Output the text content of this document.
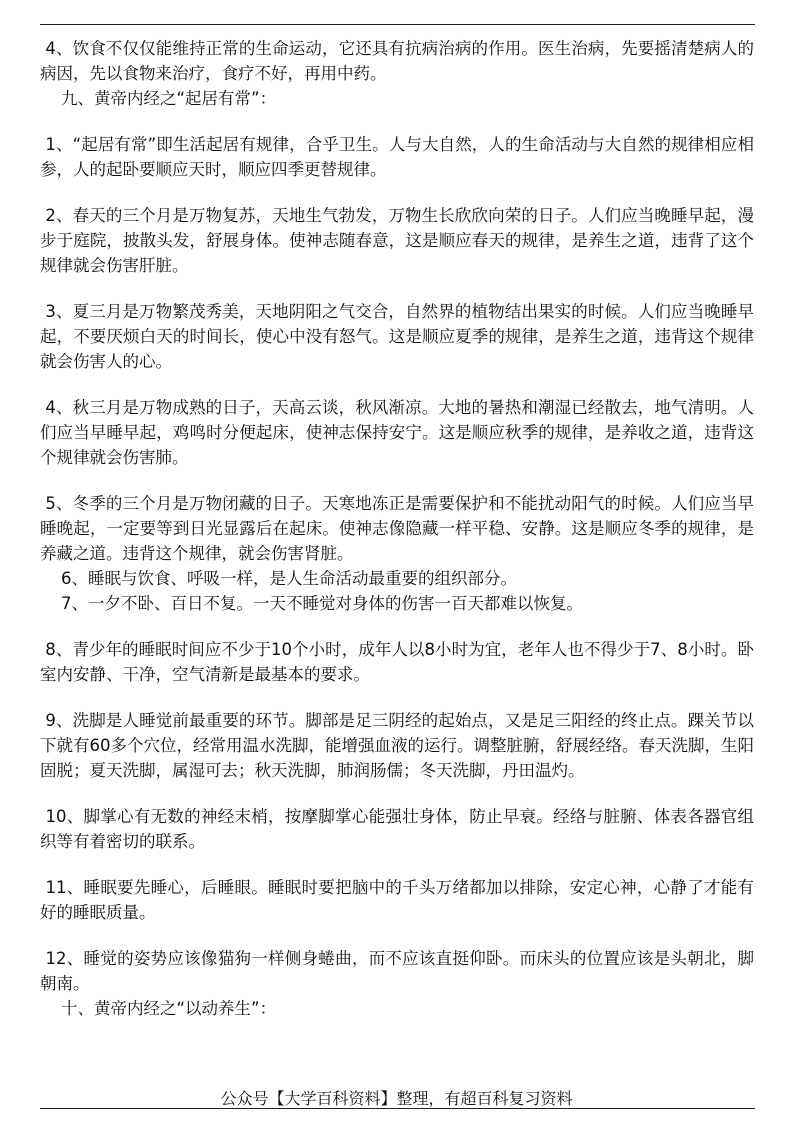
4、饮食不仅仅能维持正常的生命运动，它还具有抗病治病的作用。医生治病，先要摇清楚病人的病因，先以食物来治疗，食疗不好，再用中药。

九、黄帝内经之“起居有常”：

1、“起居有常”即生活起居有规律，合乎卫生。人与大自然，人的生命活动与大自然的规律相应相参，人的起卧要顺应天时，顺应四季更替规律。

2、春天的三个月是万物复苏，天地生气勃发，万物生长欣欣向荣的日子。人们应当晚睡早起，漫步于庭院，披散头发，舒展身体。使神志随春意，这是顺应春天的规律，是养生之道，违背了这个规律就会伤害肝脏。

3、夏三月是万物繁茂秀美，天地阴阳之气交合，自然界的植物结出果实的时候。人们应当晚睡早起，不要厌烦白天的时间长，使心中没有怒气。这是顺应夏季的规律，是养生之道，违背这个规律就会伤害人的心。

4、秋三月是万物成熟的日子，天高云谈，秋风渐凉。大地的暑热和潮湿已经散去，地气清明。人们应当早睡早起，鸡鸣时分便起床，使神志保持安宁。这是顺应秋季的规律，是养收之道，违背这个规律就会伤害肺。

5、冬季的三个月是万物闭藏的日子。天寒地冻正是需要保护和不能扰动阳气的时候。人们应当早睡晚起，一定要等到日光显露后在起床。使神志像隐藏一样平稳、安静。这是顺应冬季的规律，是养藏之道。违背这个规律，就会伤害肾脏。

6、睡眠与饮食、呼吸一样，是人生命活动最重要的组织部分。

7、一夕不卧、百日不复。一天不睡觉对身体的伤害一百天都难以恢复。

8、青少年的睡眠时间应不少于10个小时，成年人以8小时为宜，老年人也不得少于7、8小时。卧室内安静、干净，空气清新是最基本的要求。

9、洗脚是人睡觉前最重要的环节。脚部是足三阴经的起始点，又是足三阳经的终止点。踝关节以下就有60多个穴位，经常用温水洗脚，能增强血液的运行。调整脏腑，舒展经络。春天洗脚，生阳固脱；夏天洗脚，属湿可去；秋天洗脚，肺润肠儒；冬天洗脚，丹田温灼。

10、脚掌心有无数的神经末梢，按摩脚掌心能强壮身体，防止早衰。经络与脏腑、体表各器官组织等有着密切的联系。

11、睡眠要先睡心，后睡眼。睡眠时要把脑中的千头万绪都加以排除，安定心神，心静了才能有好的睡眠质量。

12、睡觉的姿势应该像猫狗一样侧身蜷曲，而不应该直挺仰卧。而床头的位置应该是头朝北，脚朝南。

十、黄帝内经之“以动养生”：

公众号【大学百科资料】整理，有超百科复习资料
